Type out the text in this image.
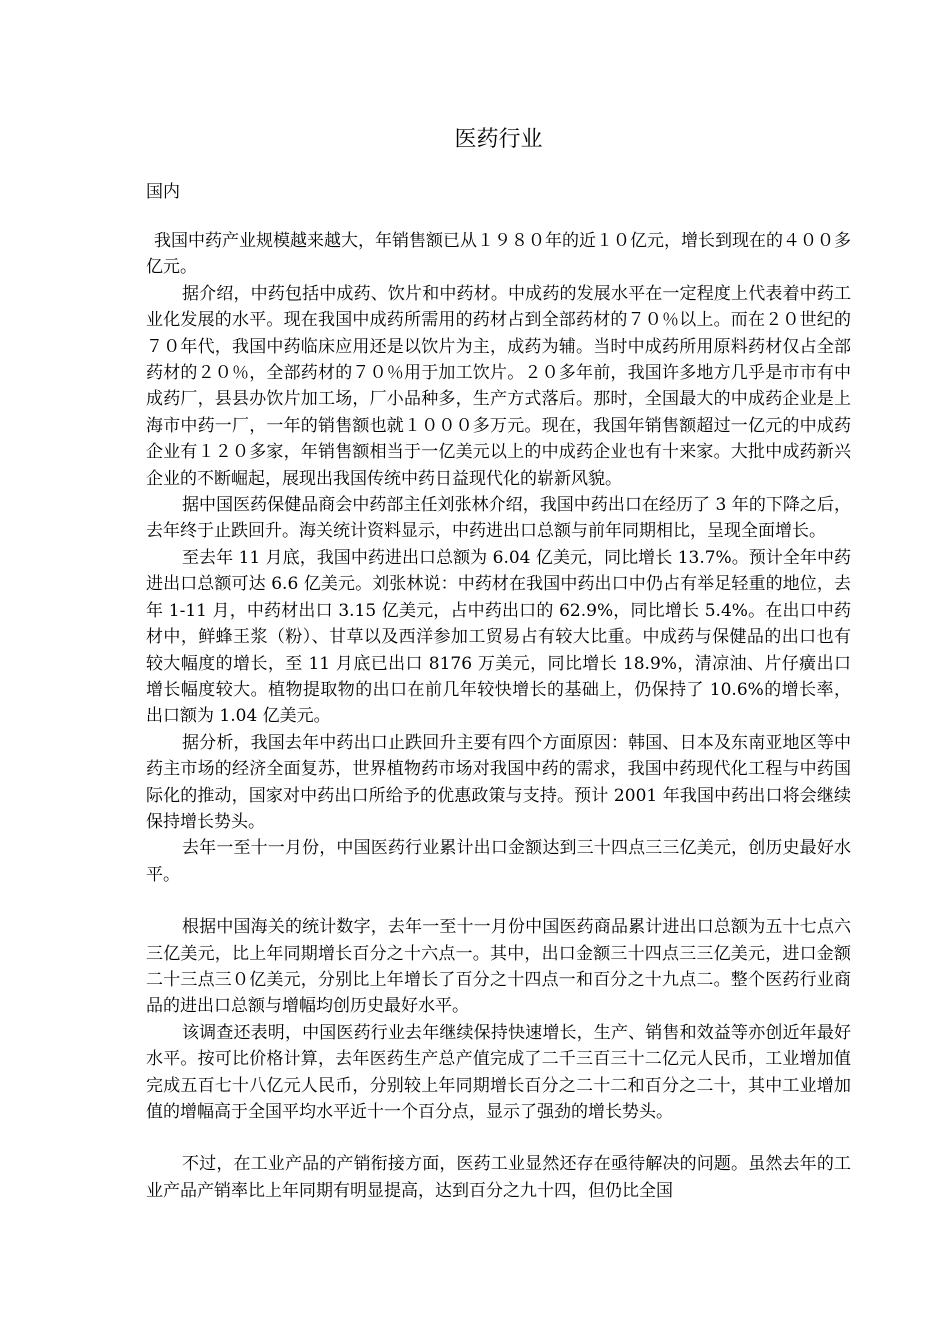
医药行业

国内

我国中药产业规模越来越大，年销售额已从１９８０年的近１０亿元，增长到现在的４００多亿元。

据介绍，中药包括中成药、饮片和中药材。中成药的发展水平在一定程度上代表着中药工业化发展的水平。现在我国中成药所需用的药材占到全部药材的７０％以上。而在２０世纪的７０年代，我国中药临床应用还是以饮片为主，成药为辅。当时中成药所用原料药材仅占全部药材的２０％，全部药材的７０％用于加工饮片。２０多年前，我国许多地方几乎是市市有中成药厂，县县办饮片加工场，厂小品种多，生产方式落后。那时，全国最大的中成药企业是上海市中药一厂，一年的销售额也就１０００多万元。现在，我国年销售额超过一亿元的中成药企业有１２０多家，年销售额相当于一亿美元以上的中成药企业也有十来家。大批中成药新兴企业的不断崛起，展现出我国传统中药日益现代化的崭新风貌。

据中国医药保健品商会中药部主任刘张林介绍，我国中药出口在经历了 3 年的下降之后，去年终于止跌回升。海关统计资料显示，中药进出口总额与前年同期相比，呈现全面增长。

至去年 11 月底，我国中药进出口总额为 6.04 亿美元，同比增长 13.7%。预计全年中药进出口总额可达 6.6 亿美元。刘张林说：中药材在我国中药出口中仍占有举足轻重的地位，去年 1-11 月，中药材出口 3.15 亿美元，占中药出口的 62.9%，同比增长 5.4%。在出口中药材中，鲜蜂王浆（粉）、甘草以及西洋参加工贸易占有较大比重。中成药与保健品的出口也有较大幅度的增长，至 11 月底已出口 8176 万美元，同比增长 18.9%，清凉油、片仔癀出口增长幅度较大。植物提取物的出口在前几年较快增长的基础上，仍保持了 10.6%的增长率，出口额为 1.04 亿美元。

据分析，我国去年中药出口止跌回升主要有四个方面原因：韩国、日本及东南亚地区等中药主市场的经济全面复苏，世界植物药市场对我国中药的需求，我国中药现代化工程与中药国际化的推动，国家对中药出口所给予的优惠政策与支持。预计 2001 年我国中药出口将会继续保持增长势头。

去年一至十一月份，中国医药行业累计出口金额达到三十四点三三亿美元，创历史最好水平。

根据中国海关的统计数字，去年一至十一月份中国医药商品累计进出口总额为五十七点六三亿美元，比上年同期增长百分之十六点一。其中，出口金额三十四点三三亿美元，进口金额二十三点三０亿美元，分别比上年增长了百分之十四点一和百分之十九点二。整个医药行业商品的进出口总额与增幅均创历史最好水平。

该调查还表明，中国医药行业去年继续保持快速增长，生产、销售和效益等亦创近年最好水平。按可比价格计算，去年医药生产总产值完成了二千三百三十二亿元人民币，工业增加值完成五百七十八亿元人民币，分别较上年同期增长百分之二十二和百分之二十，其中工业增加值的增幅高于全国平均水平近十一个百分点，显示了强劲的增长势头。

不过，在工业产品的产销衔接方面，医药工业显然还存在亟待解决的问题。虽然去年的工业产品产销率比上年同期有明显提高，达到百分之九十四，但仍比全国
